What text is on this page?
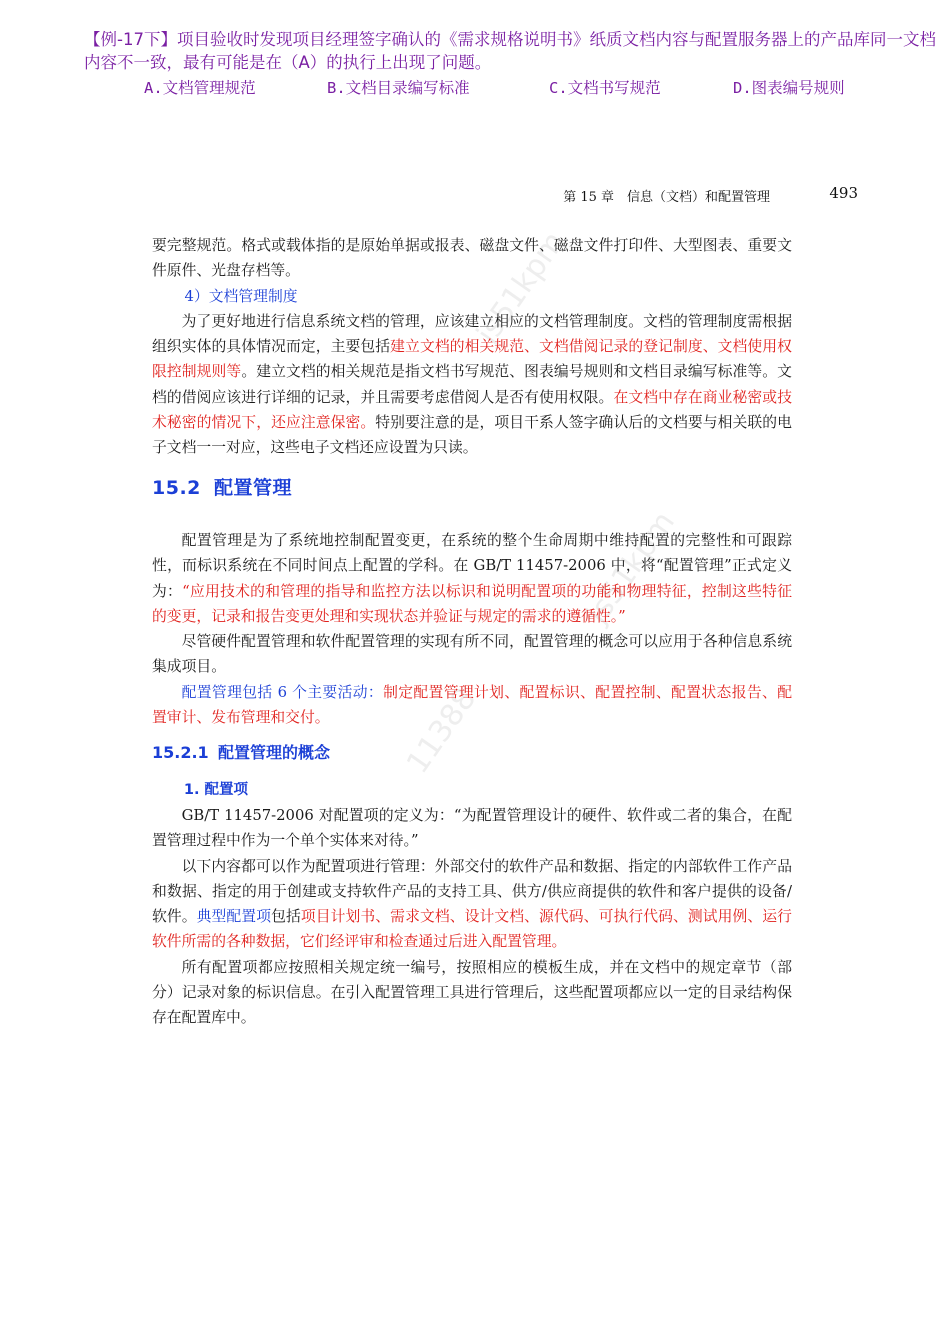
js51kpm
js51kpm
11388

【例-17下】项目验收时发现项目经理签字确认的《需求规格说明书》纸质文档内容与配置服务器上的产品库同一文档内容不一致，最有可能是在（A）的执行上出现了问题。

A.文档管理规范	B.文档目录编写标准	C.文档书写规范	D.图表编号规则
第 15 章　信息（文档）和配置管理	493

要完整规范。格式或载体指的是原始单据或报表、磁盘文件、磁盘文件打印件、大型图表、重要文件原件、光盘存档等。

4）文档管理制度

为了更好地进行信息系统文档的管理，应该建立相应的文档管理制度。文档的管理制度需根据组织实体的具体情况而定，主要包括建立文档的相关规范、文档借阅记录的登记制度、文档使用权限控制规则等。建立文档的相关规范是指文档书写规范、图表编号规则和文档目录编写标准等。文档的借阅应该进行详细的记录，并且需要考虑借阅人是否有使用权限。在文档中存在商业秘密或技术秘密的情况下，还应注意保密。特别要注意的是，项目干系人签字确认后的文档要与相关联的电子文档一一对应，这些电子文档还应设置为只读。

15.2 配置管理

配置管理是为了系统地控制配置变更，在系统的整个生命周期中维持配置的完整性和可跟踪性，而标识系统在不同时间点上配置的学科。在 GB/T 11457-2006 中，将“配置管理”正式定义为：“应用技术的和管理的指导和监控方法以标识和说明配置项的功能和物理特征，控制这些特征的变更，记录和报告变更处理和实现状态并验证与规定的需求的遵循性。”

尽管硬件配置管理和软件配置管理的实现有所不同，配置管理的概念可以应用于各种信息系统集成项目。

配置管理包括 6 个主要活动：制定配置管理计划、配置标识、配置控制、配置状态报告、配置审计、发布管理和交付。

15.2.1 配置管理的概念

1. 配置项

GB/T 11457-2006 对配置项的定义为：“为配置管理设计的硬件、软件或二者的集合，在配置管理过程中作为一个单个实体来对待。”

以下内容都可以作为配置项进行管理：外部交付的软件产品和数据、指定的内部软件工作产品和数据、指定的用于创建或支持软件产品的支持工具、供方/供应商提供的软件和客户提供的设备/软件。典型配置项包括项目计划书、需求文档、设计文档、源代码、可执行代码、测试用例、运行软件所需的各种数据，它们经评审和检查通过后进入配置管理。

所有配置项都应按照相关规定统一编号，按照相应的模板生成，并在文档中的规定章节（部分）记录对象的标识信息。在引入配置管理工具进行管理后，这些配置项都应以一定的目录结构保存在配置库中。
